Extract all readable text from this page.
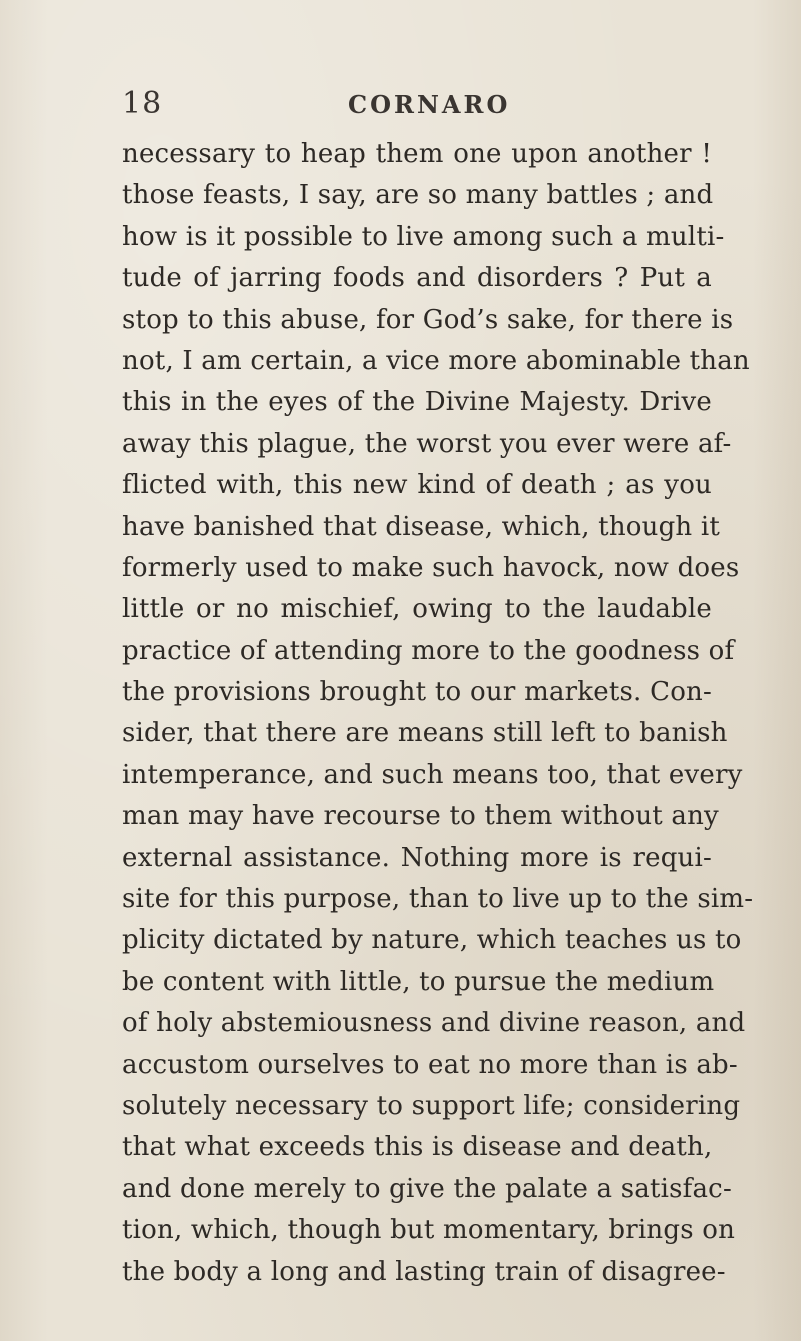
18	CORNARO
necessary to heap them one upon another !
those feasts, I say, are so many battles ; and
how is it possible to live among such a multi-
tude of jarring foods and disorders ? Put a
stop to this abuse, for God’s sake, for there is
not, I am certain, a vice more abominable than
this in the eyes of the Divine Majesty. Drive
away this plague, the worst you ever were af-
flicted with, this new kind of death ; as you
have banished that disease, which, though it
formerly used to make such havock, now does
little or no mischief, owing to the laudable
practice of attending more to the goodness of
the provisions brought to our markets. Con-
sider, that there are means still left to banish
intemperance, and such means too, that every
man may have recourse to them without any
external assistance. Nothing more is requi-
site for this purpose, than to live up to the sim-
plicity dictated by nature, which teaches us to
be content with little, to pursue the medium
of holy abstemiousness and divine reason, and
accustom ourselves to eat no more than is ab-
solutely necessary to support life; considering
that what exceeds this is disease and death,
and done merely to give the palate a satisfac-
tion, which, though but momentary, brings on
the body a long and lasting train of disagree-
